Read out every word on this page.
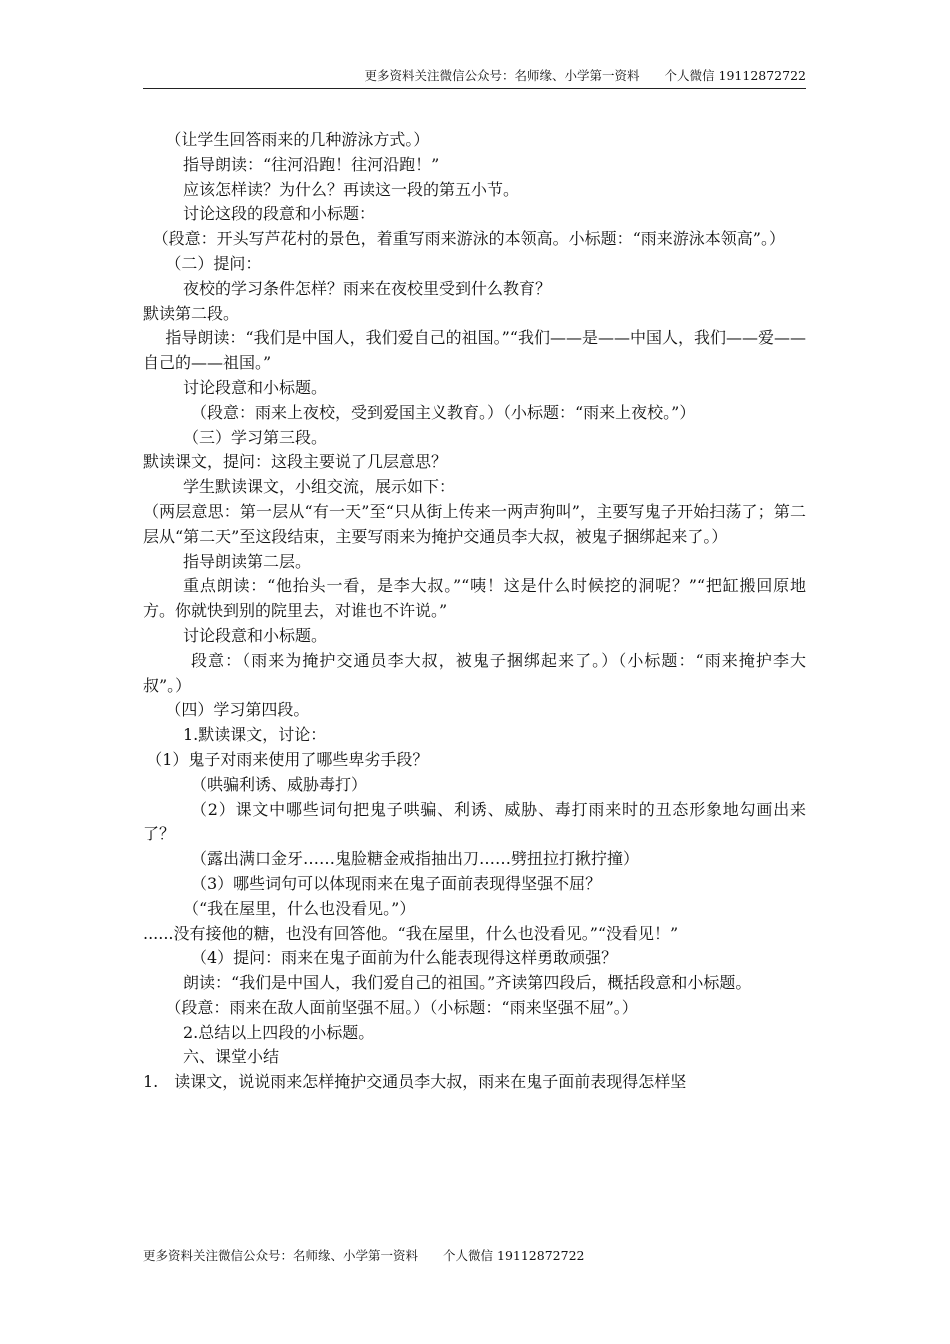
更多资料关注微信公众号：名师缘、小学第一资料 个人微信 19112872722

（让学生回答雨来的几种游泳方式。）

指导朗读：“往河沿跑！往河沿跑！”

应该怎样读？为什么？再读这一段的第五小节。

讨论这段的段意和小标题：

（段意：开头写芦花村的景色，着重写雨来游泳的本领高。小标题：“雨来游泳本领高”。）

（二）提问：

夜校的学习条件怎样？雨来在夜校里受到什么教育？

默读第二段。

指导朗读：“我们是中国人，我们爱自己的祖国。”“我们——是——中国人，我们——爱——自己的——祖国。”

讨论段意和小标题。

（段意：雨来上夜校，受到爱国主义教育。）（小标题：“雨来上夜校。”）

（三）学习第三段。

默读课文，提问：这段主要说了几层意思？

学生默读课文，小组交流，展示如下：

（两层意思：第一层从“有一天”至“只从街上传来一两声狗叫”，主要写鬼子开始扫荡了；第二层从“第二天”至这段结束，主要写雨来为掩护交通员李大叔，被鬼子捆绑起来了。）

指导朗读第二层。

重点朗读：“他抬头一看，是李大叔。”“咦！这是什么时候挖的洞呢？”“把缸搬回原地方。你就快到别的院里去，对谁也不许说。”

讨论段意和小标题。

段意：（雨来为掩护交通员李大叔，被鬼子捆绑起来了。）（小标题：“雨来掩护李大叔”。）

（四）学习第四段。

1.默读课文，讨论：

（1）鬼子对雨来使用了哪些卑劣手段？

（哄骗利诱、威胁毒打）

（2）课文中哪些词句把鬼子哄骗、利诱、威胁、毒打雨来时的丑态形象地勾画出来了？

（露出满口金牙……鬼脸糖金戒指抽出刀……劈扭拉打揪拧撞）

（3）哪些词句可以体现雨来在鬼子面前表现得坚强不屈？

（“我在屋里，什么也没看见。”）

......没有接他的糖，也没有回答他。“我在屋里，什么也没看见。”“没看见！”

（4）提问：雨来在鬼子面前为什么能表现得这样勇敢顽强？

朗读：“我们是中国人，我们爱自己的祖国。”齐读第四段后，概括段意和小标题。

（段意：雨来在敌人面前坚强不屈。）（小标题：“雨来坚强不屈”。）

2.总结以上四段的小标题。

六、课堂小结

1.　读课文，说说雨来怎样掩护交通员李大叔，雨来在鬼子面前表现得怎样坚

更多资料关注微信公众号：名师缘、小学第一资料 个人微信 19112872722
